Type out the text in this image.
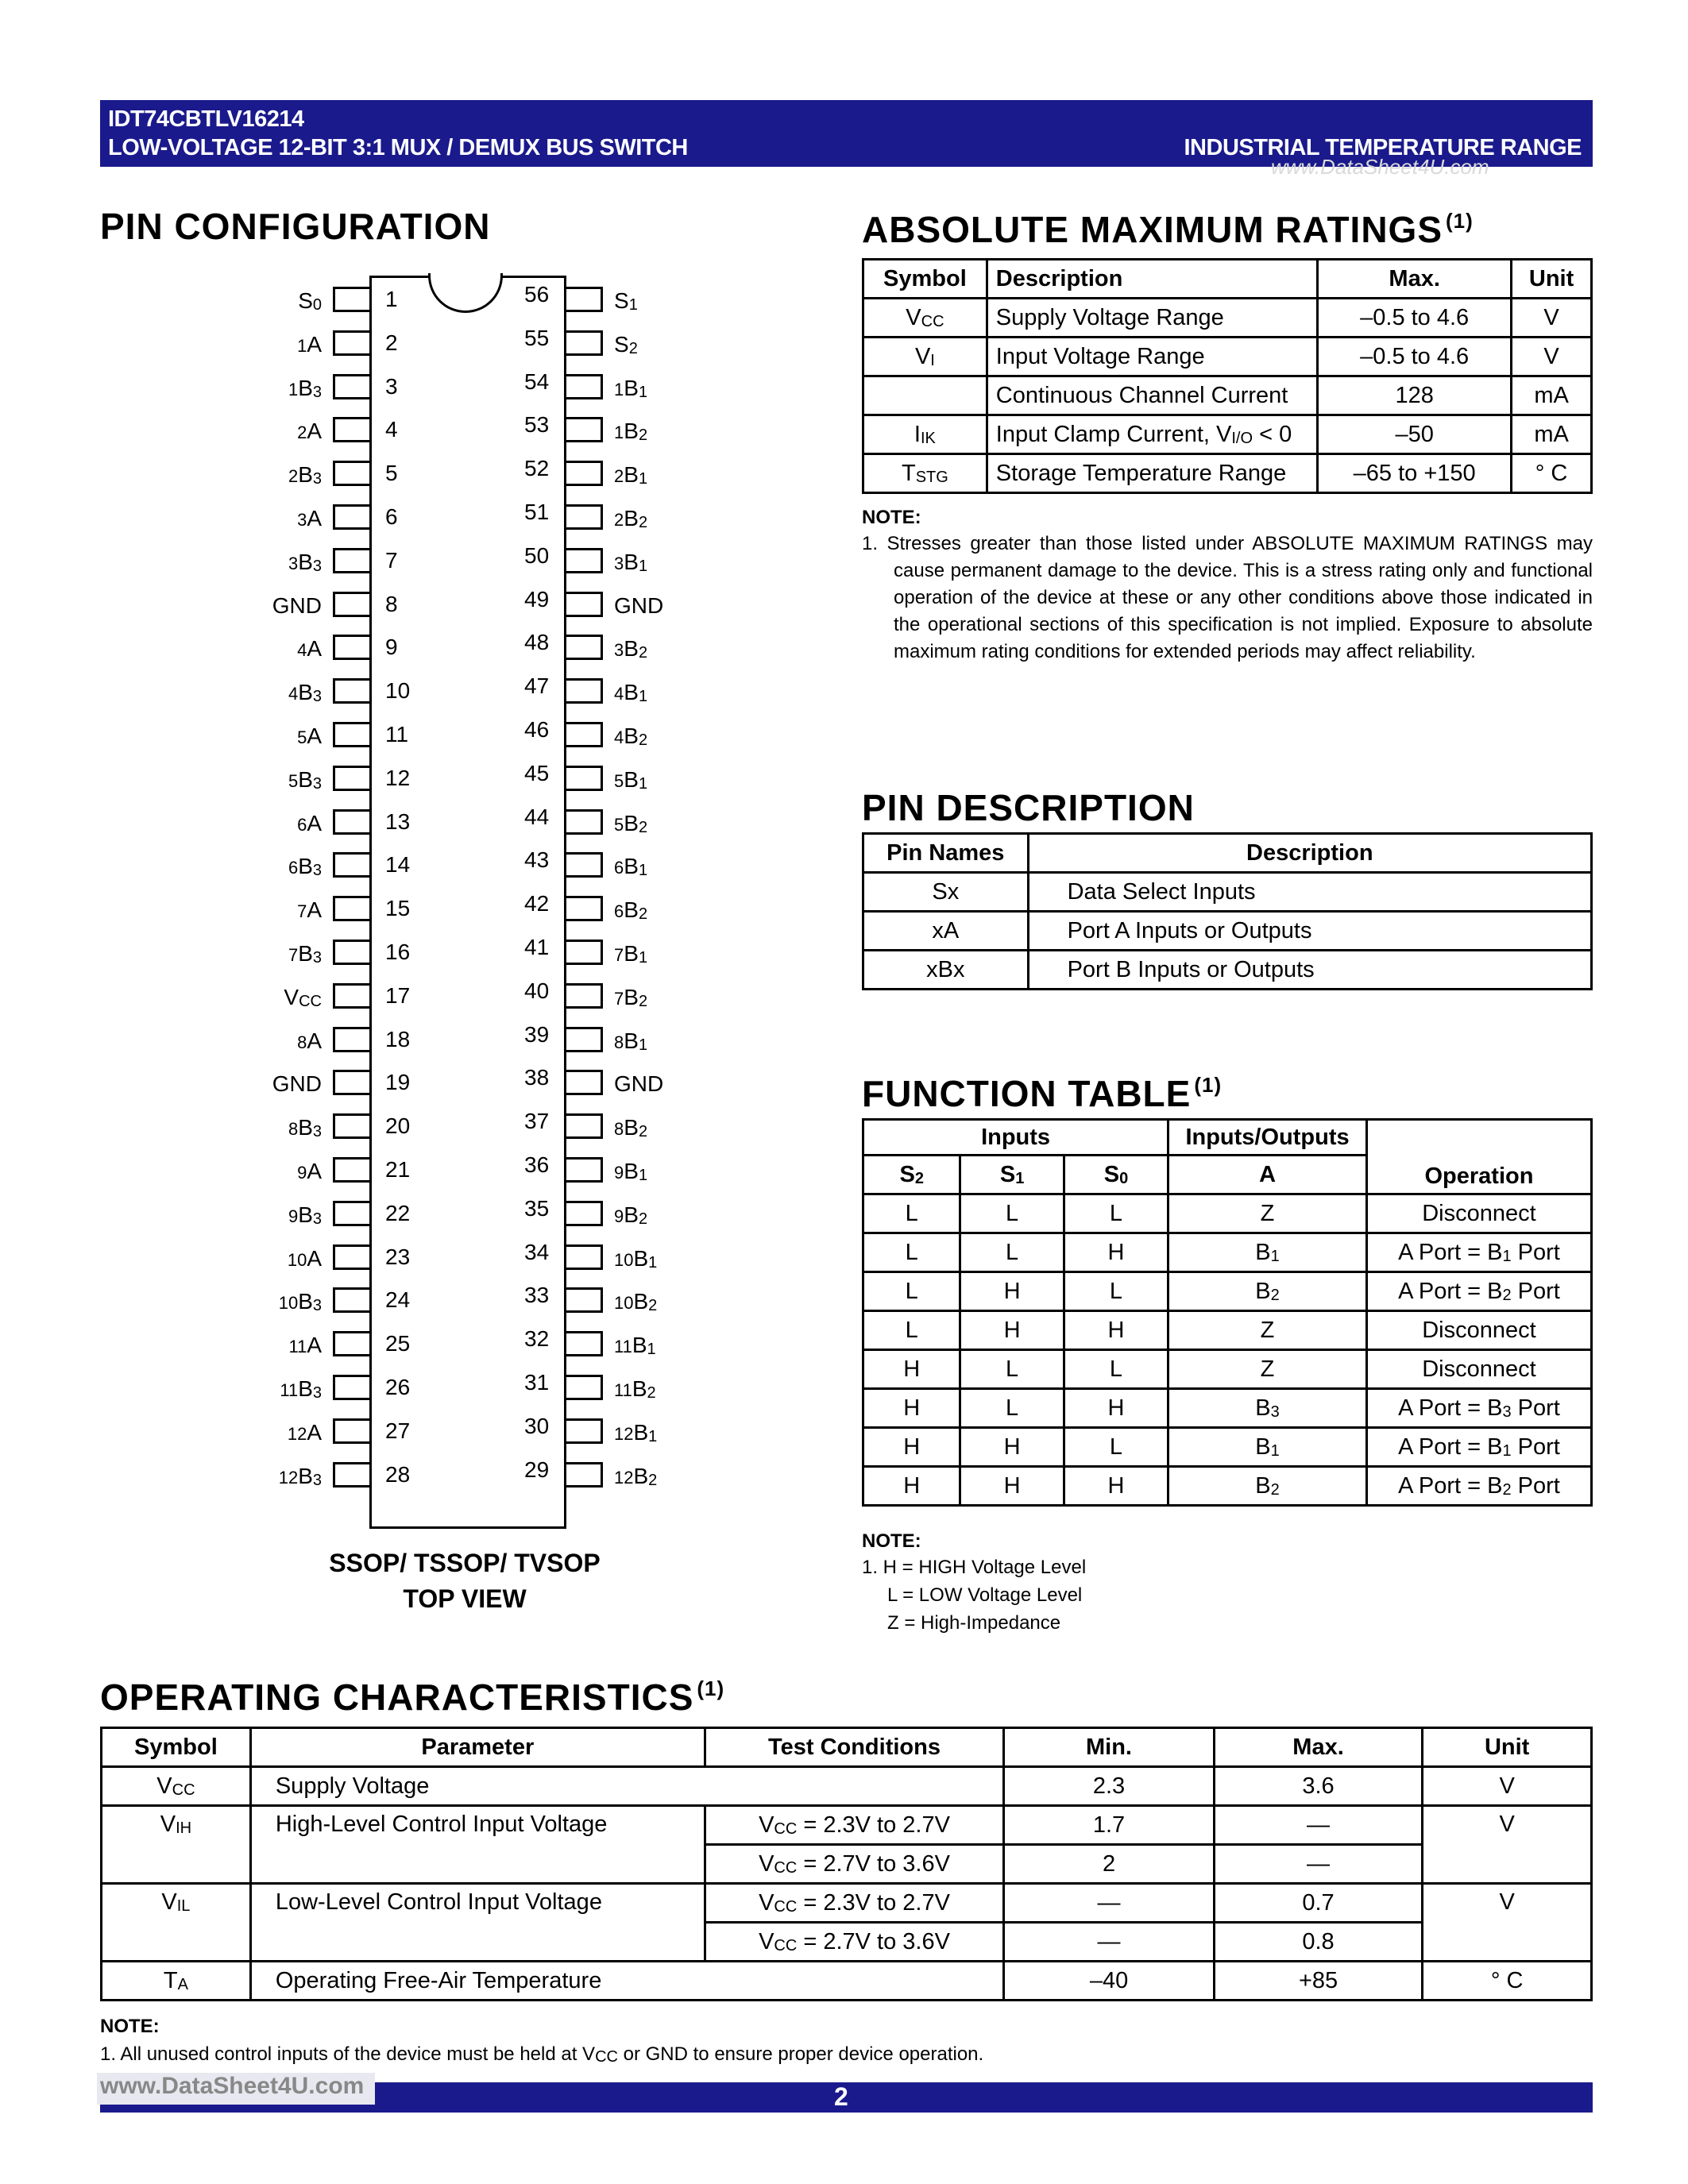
IDT74CBTLV16214
LOW-VOLTAGE 12-BIT 3:1 MUX / DEMUX BUS SWITCH	INDUSTRIAL TEMPERATURE RANGE
www.DataSheet4U.com
PIN CONFIGURATION
1
S0
2
1A
3
1B3
4
2A
5
2B3
6
3A
7
3B3
8
GND
9
4A
10
4B3
11
5A
12
5B3
13
6A
14
6B3
15
7A
16
7B3
17
VCC
18
8A
19
GND
20
8B3
21
9A
22
9B3
23
10A
24
10B3
25
11A
26
11B3
27
12A
28
12B3
56	S1
55	S2
54	1B1
53	1B2
52	2B1
51	2B2
50	3B1
49	GND
48	3B2
47	4B1
46	4B2
45	5B1
44	5B2
43	6B1
42	6B2
41	7B1
40	7B2
39	8B1
38	GND
37	8B2
36	9B1
35	9B2
34	10B1
33	10B2
32	11B1
31	11B2
30	12B1
29	12B2
SSOP/ TSSOP/ TVSOP
TOP VIEW
ABSOLUTE MAXIMUM RATINGS $^{(1)}$
Symbol	Description	Max.	Unit
VCC	Supply Voltage Range	–0.5 to 4.6	V
VI	Input Voltage Range	–0.5 to 4.6	V
	Continuous Channel Current	128	mA
IIK	Input Clamp Current, VI/O < 0	–50	mA
TSTG	Storage Temperature Range	–65 to +150	° C
NOTE:
1. Stresses greater than those listed under ABSOLUTE MAXIMUM RATINGS may cause permanent damage to the device. This is a stress rating only and functional operation of the device at these or any other conditions above those indicated in the operational sections of this specification is not implied. Exposure to absolute maximum rating conditions for extended periods may affect reliability.
PIN DESCRIPTION
Pin Names	Description
Sx	Data Select Inputs
xA	Port A Inputs or Outputs
xBx	Port B Inputs or Outputs
FUNCTION TABLE $^{(1)}$
Inputs			Inputs/Outputs	Operation
S2	S1	S0	A	
L	L	L	Z	Disconnect
L	L	H	B1	A Port = B1 Port
L	H	L	B2	A Port = B2 Port
L	H	H	Z	Disconnect
H	L	L	Z	Disconnect
H	L	H	B3	A Port = B3 Port
H	H	L	B1	A Port = B1 Port
H	H	H	B2	A Port = B2 Port
NOTE:
1. H = HIGH Voltage Level
L = LOW Voltage Level
Z = High-Impedance
OPERATING CHARACTERISTICS $^{(1)}$
Symbol	Parameter	Test Conditions	Min.	Max.	Unit
VCC	Supply Voltage		2.3	3.6	V
VIH	High-Level Control Input Voltage	VCC = 2.3V to 2.7V	1.7	—	V
		VCC = 2.7V to 3.6V	2	—	
VIL	Low-Level Control Input Voltage	VCC = 2.3V to 2.7V	—	0.7	V
		VCC = 2.7V to 3.6V	—	0.8	
TA	Operating Free-Air Temperature		–40	+85	° C
NOTE:
1. All unused control inputs of the device must be held at VCC or GND to ensure proper device operation.
2
www.DataSheet4U.com
